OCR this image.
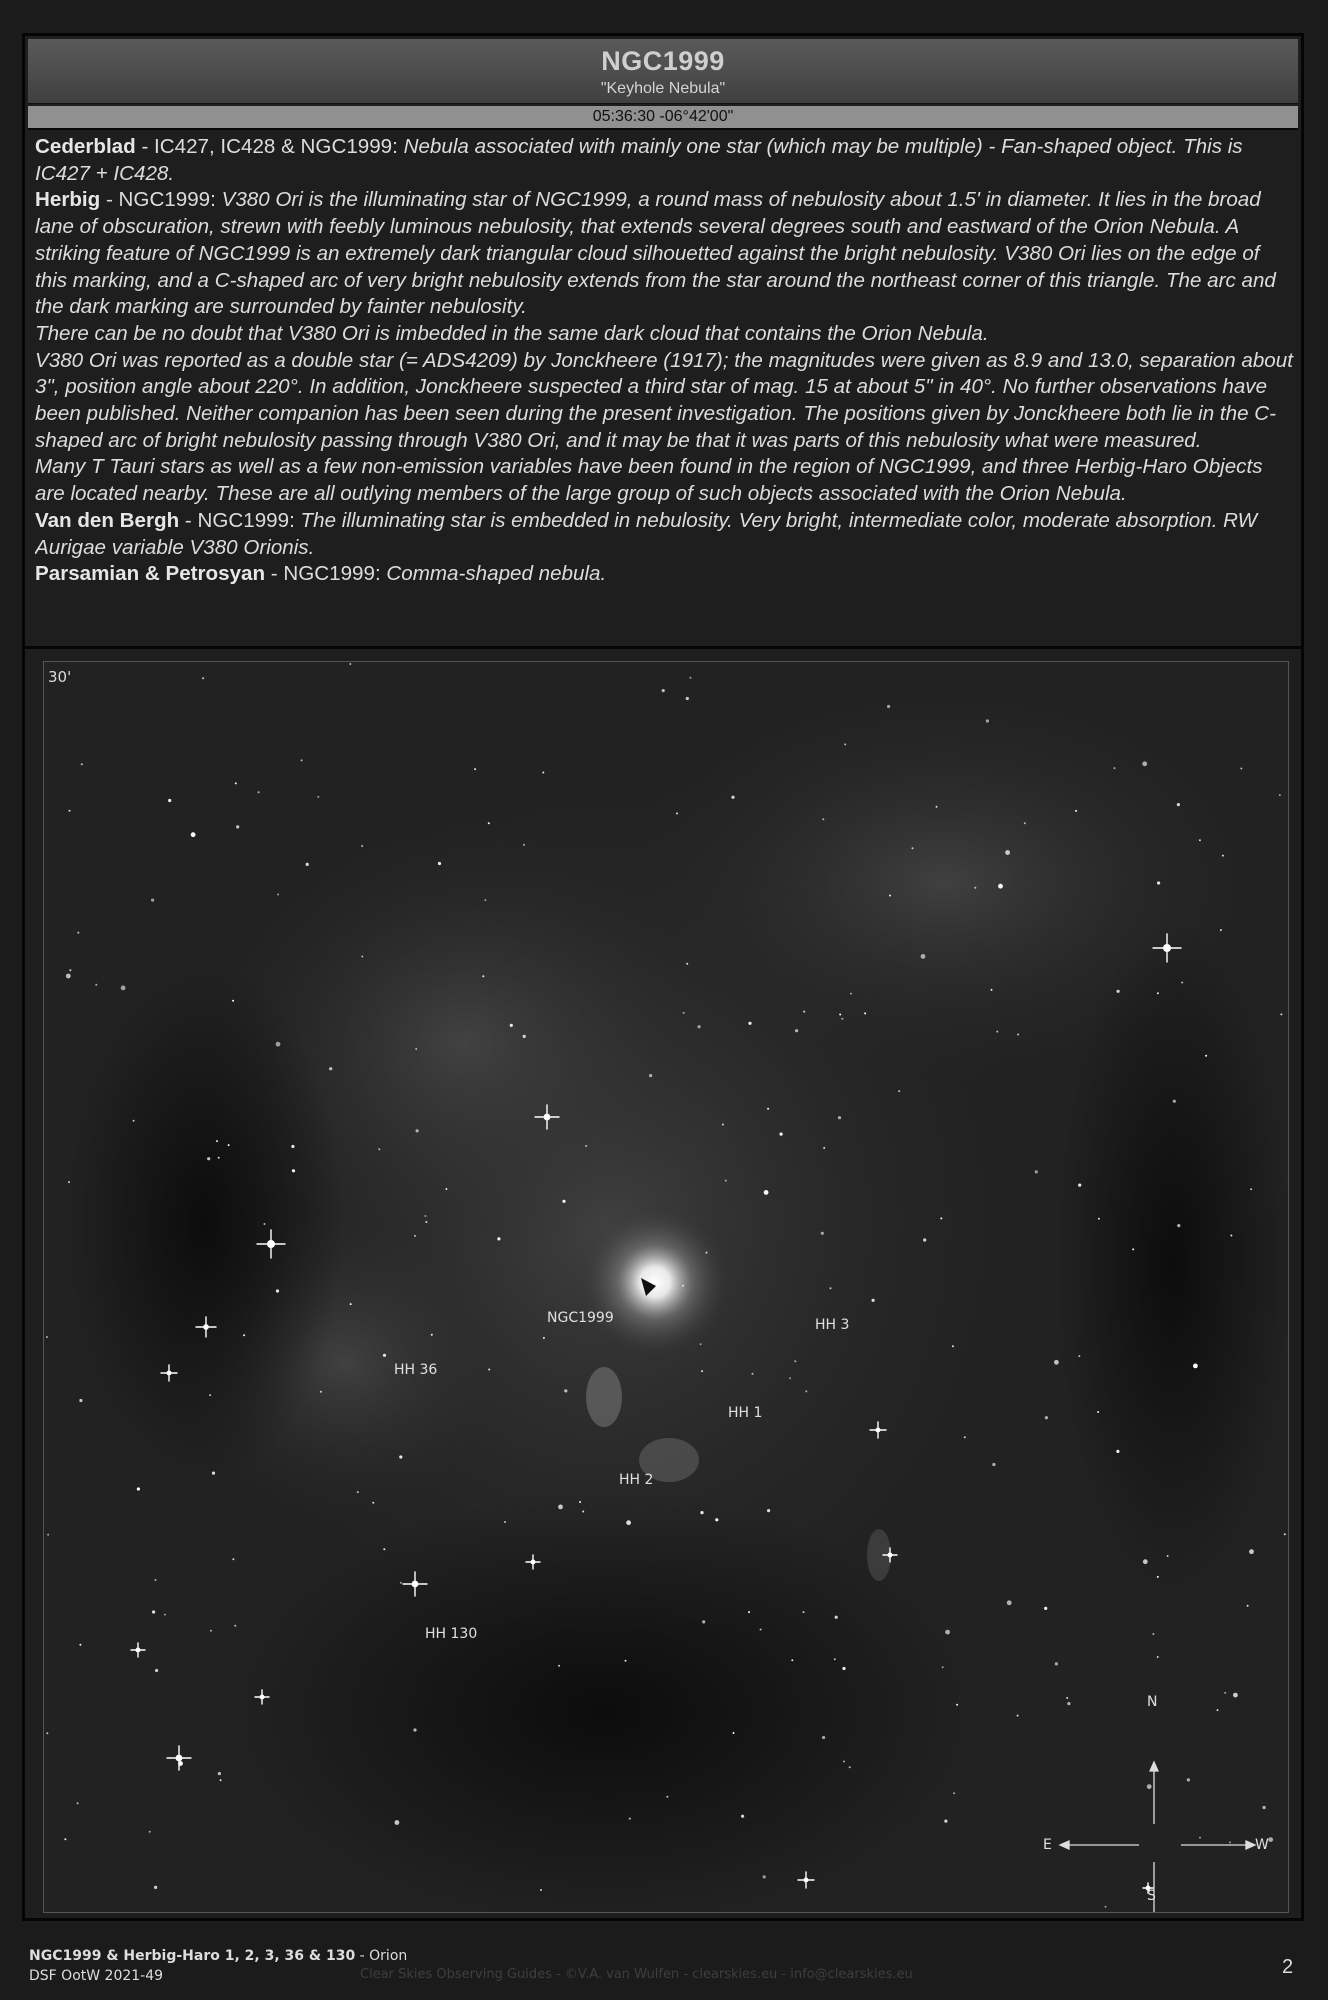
NGC1999
"Keyhole Nebula"
05:36:30 -06°42'00"

Cederblad - IC427, IC428 & NGC1999: Nebula associated with mainly one star (which may be multiple) - Fan-shaped object. This is IC427 + IC428.

Herbig - NGC1999: V380 Ori is the illuminating star of NGC1999, a round mass of nebulosity about 1.5' in diameter. It lies in the broad lane of obscuration, strewn with feebly luminous nebulosity, that extends several degrees south and eastward of the Orion Nebula. A striking feature of NGC1999 is an extremely dark triangular cloud silhouetted against the bright nebulosity. V380 Ori lies on the edge of this marking, and a C-shaped arc of very bright nebulosity extends from the star around the northeast corner of this triangle. The arc and the dark marking are surrounded by fainter nebulosity.

There can be no doubt that V380 Ori is imbedded in the same dark cloud that contains the Orion Nebula.

V380 Ori was reported as a double star (= ADS4209) by Jonckheere (1917); the magnitudes were given as 8.9 and 13.0, separation about 3", position angle about 220°. In addition, Jonckheere suspected a third star of mag. 15 at about 5" in 40°. No further observations have been published. Neither companion has been seen during the present investigation. The positions given by Jonckheere both lie in the C-shaped arc of bright nebulosity passing through V380 Ori, and it may be that it was parts of this nebulosity what were measured.

Many T Tauri stars as well as a few non-emission variables have been found in the region of NGC1999, and three Herbig-Haro Objects are located nearby. These are all outlying members of the large group of such objects associated with the Orion Nebula.

Van den Bergh - NGC1999: The illuminating star is embedded in nebulosity. Very bright, intermediate color, moderate absorption. RW Aurigae variable V380 Orionis.

Parsamian & Petrosyan - NGC1999: Comma-shaped nebula.

30'
NGC1999	HH 3
HH 36
HH 1
HH 2
HH 130
N
S
E	W
NGC1999 & Herbig-Haro 1, 2, 3, 36 & 130 - Orion
DSF OotW 2021-49	Clear Skies Observing Guides - ©V.A. van Wulfen - clearskies.eu - info@clearskies.eu	2
